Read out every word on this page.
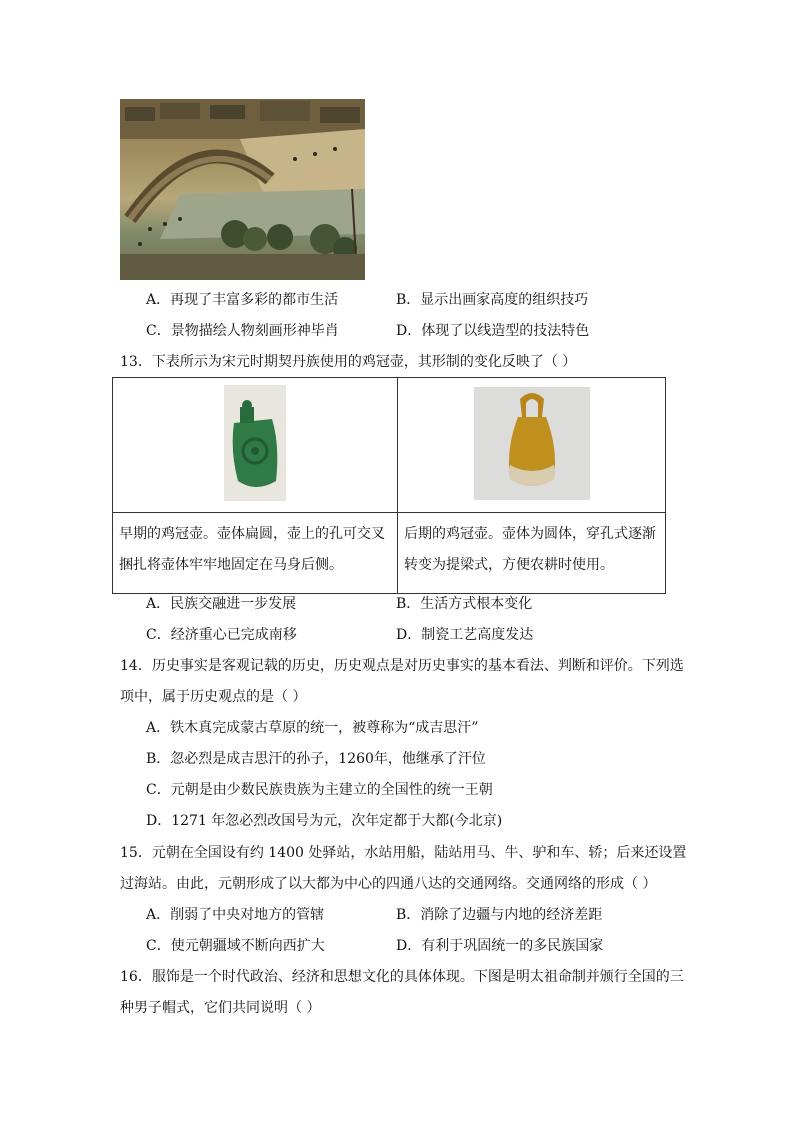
A．再现了丰富多彩的都市生活	B．显示出画家高度的组织技巧
C．景物描绘人物刻画形神毕肖	D．体现了以线造型的技法特色
13．下表所示为宋元时期契丹族使用的鸡冠壶，其形制的变化反映了（ ）

早期的鸡冠壶。壶体扁圆，壶上的孔可交叉捆扎将壶体牢牢地固定在马身后侧。	后期的鸡冠壶。壶体为圆体，穿孔式逐渐转变为提梁式，方便农耕时使用。
A．民族交融进一步发展	B．生活方式根本变化
C．经济重心已完成南移	D．制瓷工艺高度发达
14．历史事实是客观记载的历史，历史观点是对历史事实的基本看法、判断和评价。下列选
项中，属于历史观点的是（ ）
A．铁木真完成蒙古草原的统一，被尊称为“成吉思汗”
B．忽必烈是成吉思汗的孙子，1260年，他继承了汗位
C．元朝是由少数民族贵族为主建立的全国性的统一王朝
D．1271 年忽必烈改国号为元，次年定都于大都(今北京)
15．元朝在全国设有约 1400 处驿站，水站用船，陆站用马、牛、驴和车、轿；后来还设置
过海站。由此，元朝形成了以大都为中心的四通八达的交通网络。交通网络的形成（ ）
A．削弱了中央对地方的管辖	B．消除了边疆与内地的经济差距
C．使元朝疆域不断向西扩大	D．有利于巩固统一的多民族国家
16．服饰是一个时代政治、经济和思想文化的具体体现。下图是明太祖命制并颁行全国的三
种男子帽式，它们共同说明（ ）
